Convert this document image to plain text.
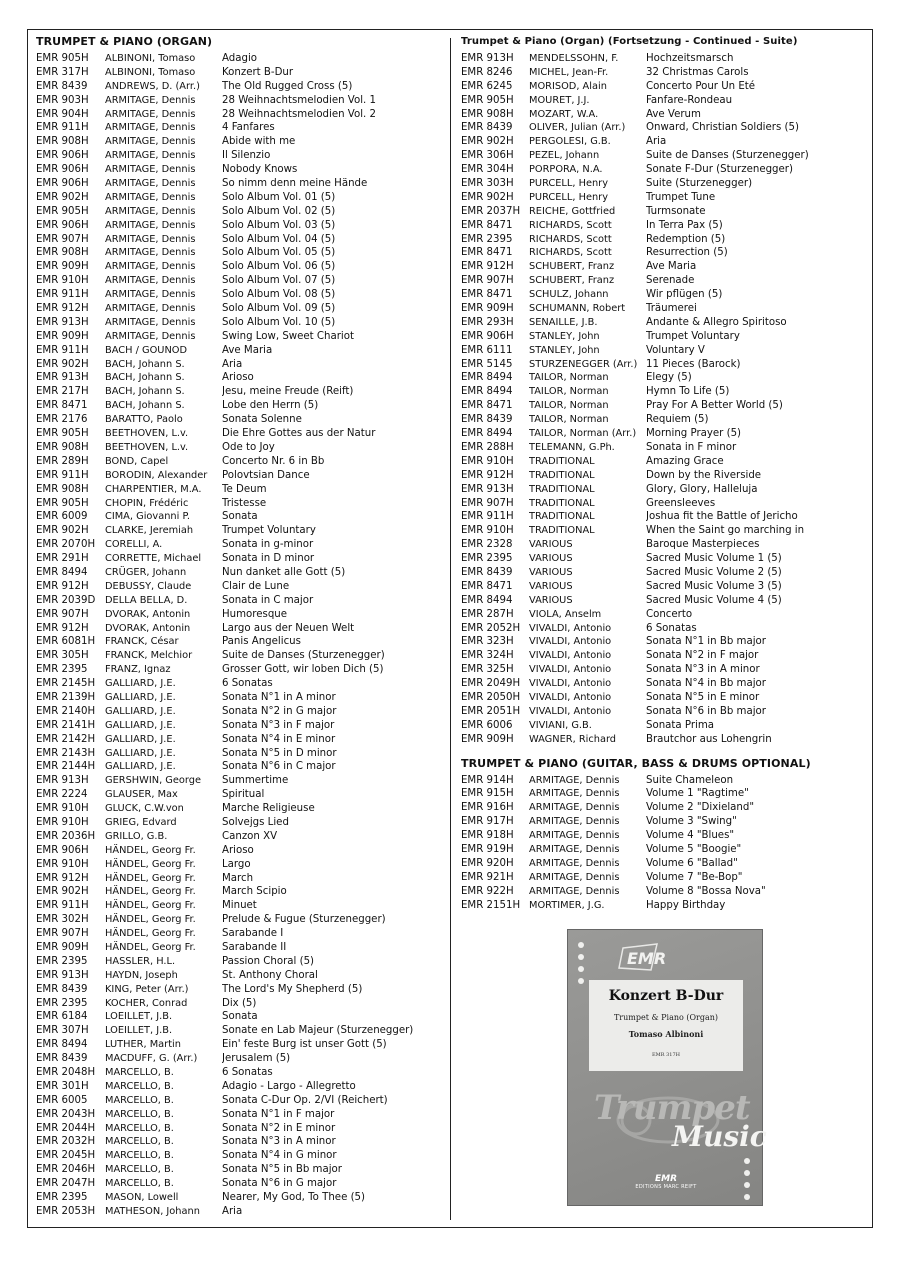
TRUMPET & PIANO (ORGAN)
EMR 905H	ALBINONI, Tomaso	Adagio
EMR 317H	ALBINONI, Tomaso	Konzert B-Dur
EMR 8439	ANDREWS, D. (Arr.)	The Old Rugged Cross (5)
EMR 903H	ARMITAGE, Dennis	28 Weihnachtsmelodien Vol. 1
EMR 904H	ARMITAGE, Dennis	28 Weihnachtsmelodien Vol. 2
EMR 911H	ARMITAGE, Dennis	4 Fanfares
EMR 908H	ARMITAGE, Dennis	Abide with me
EMR 906H	ARMITAGE, Dennis	Il Silenzio
EMR 906H	ARMITAGE, Dennis	Nobody Knows
EMR 906H	ARMITAGE, Dennis	So nimm denn meine Hände
EMR 902H	ARMITAGE, Dennis	Solo Album Vol. 01 (5)
EMR 905H	ARMITAGE, Dennis	Solo Album Vol. 02 (5)
EMR 906H	ARMITAGE, Dennis	Solo Album Vol. 03 (5)
EMR 907H	ARMITAGE, Dennis	Solo Album Vol. 04 (5)
EMR 908H	ARMITAGE, Dennis	Solo Album Vol. 05 (5)
EMR 909H	ARMITAGE, Dennis	Solo Album Vol. 06 (5)
EMR 910H	ARMITAGE, Dennis	Solo Album Vol. 07 (5)
EMR 911H	ARMITAGE, Dennis	Solo Album Vol. 08 (5)
EMR 912H	ARMITAGE, Dennis	Solo Album Vol. 09 (5)
EMR 913H	ARMITAGE, Dennis	Solo Album Vol. 10 (5)
EMR 909H	ARMITAGE, Dennis	Swing Low, Sweet Chariot
EMR 911H	BACH / GOUNOD	Ave Maria
EMR 902H	BACH, Johann S.	Aria
EMR 913H	BACH, Johann S.	Arioso
EMR 217H	BACH, Johann S.	Jesu, meine Freude (Reift)
EMR 8471	BACH, Johann S.	Lobe den Herrn (5)
EMR 2176	BARATTO, Paolo	Sonata Solenne
EMR 905H	BEETHOVEN, L.v.	Die Ehre Gottes aus der Natur
EMR 908H	BEETHOVEN, L.v.	Ode to Joy
EMR 289H	BOND, Capel	Concerto Nr. 6 in Bb
EMR 911H	BORODIN, Alexander	Polovtsian Dance
EMR 908H	CHARPENTIER, M.A.	Te Deum
EMR 905H	CHOPIN, Frédéric	Tristesse
EMR 6009	CIMA, Giovanni P.	Sonata
EMR 902H	CLARKE, Jeremiah	Trumpet Voluntary
EMR 2070H	CORELLI, A.	Sonata in g-minor
EMR 291H	CORRETTE, Michael	Sonata in D minor
EMR 8494	CRÜGER, Johann	Nun danket alle Gott (5)
EMR 912H	DEBUSSY, Claude	Clair de Lune
EMR 2039D DELLA BELLA, D.	Sonata in C major
EMR 907H	DVORAK, Antonin	Humoresque
EMR 912H	DVORAK, Antonin	Largo aus der Neuen Welt
EMR 6081H	FRANCK, César	Panis Angelicus
EMR 305H	FRANCK, Melchior	Suite de Danses (Sturzenegger)
EMR 2395	FRANZ, Ignaz	Grosser Gott, wir loben Dich (5)
EMR 2145H	GALLIARD, J.E.	6 Sonatas
EMR 2139H	GALLIARD, J.E.	Sonata N°1 in A minor
EMR 2140H	GALLIARD, J.E.	Sonata N°2 in G major
EMR 2141H	GALLIARD, J.E.	Sonata N°3 in F major
EMR 2142H	GALLIARD, J.E.	Sonata N°4 in E minor
EMR 2143H	GALLIARD, J.E.	Sonata N°5 in D minor
EMR 2144H	GALLIARD, J.E.	Sonata N°6 in C major
EMR 913H	GERSHWIN, George	Summertime
EMR 2224	GLAUSER, Max	Spiritual
EMR 910H	GLUCK, C.W.von	Marche Religieuse
EMR 910H	GRIEG, Edvard	Solvejgs Lied
EMR 2036H	GRILLO, G.B.	Canzon XV
EMR 906H	HÄNDEL, Georg Fr.	Arioso
EMR 910H	HÄNDEL, Georg Fr.	Largo
EMR 912H	HÄNDEL, Georg Fr.	March
EMR 902H	HÄNDEL, Georg Fr.	March Scipio
EMR 911H	HÄNDEL, Georg Fr.	Minuet
EMR 302H	HÄNDEL, Georg Fr.	Prelude & Fugue (Sturzenegger)
EMR 907H	HÄNDEL, Georg Fr.	Sarabande I
EMR 909H	HÄNDEL, Georg Fr.	Sarabande II
EMR 2395	HASSLER, H.L.	Passion Choral (5)
EMR 913H	HAYDN, Joseph	St. Anthony Choral
EMR 8439	KING, Peter (Arr.)	The Lord's My Shepherd (5)
EMR 2395	KOCHER, Conrad	Dix (5)
EMR 6184	LOEILLET, J.B.	Sonata
EMR 307H	LOEILLET, J.B.	Sonate en Lab Majeur (Sturzenegger)
EMR 8494	LUTHER, Martin	Ein' feste Burg ist unser Gott (5)
EMR 8439	MACDUFF, G. (Arr.)	Jerusalem (5)
EMR 2048H	MARCELLO, B.	6 Sonatas
EMR 301H	MARCELLO, B.	Adagio - Largo - Allegretto
EMR 6005	MARCELLO, B.	Sonata C-Dur Op. 2/VI (Reichert)
EMR 2043H	MARCELLO, B.	Sonata N°1 in F major
EMR 2044H	MARCELLO, B.	Sonata N°2 in E minor
EMR 2032H	MARCELLO, B.	Sonata N°3 in A minor
EMR 2045H	MARCELLO, B.	Sonata N°4 in G minor
EMR 2046H	MARCELLO, B.	Sonata N°5 in Bb major
EMR 2047H	MARCELLO, B.	Sonata N°6 in G major
EMR 2395	MASON, Lowell	Nearer, My God, To Thee (5)
EMR 2053H	MATHESON, Johann	Aria
Trumpet & Piano (Organ) (Fortsetzung - Continued - Suite)
EMR 913H	MENDELSSOHN, F.	Hochzeitsmarsch
EMR 8246	MICHEL, Jean-Fr.	32 Christmas Carols
EMR 6245	MORISOD, Alain	Concerto Pour Un Eté
EMR 905H	MOURET, J.J.	Fanfare-Rondeau
EMR 908H	MOZART, W.A.	Ave Verum
EMR 8439	OLIVER, Julian (Arr.)	Onward, Christian Soldiers (5)
EMR 902H	PERGOLESI, G.B.	Aria
EMR 306H	PEZEL, Johann	Suite de Danses (Sturzenegger)
EMR 304H	PORPORA, N.A.	Sonate F-Dur (Sturzenegger)
EMR 303H	PURCELL, Henry	Suite (Sturzenegger)
EMR 902H	PURCELL, Henry	Trumpet Tune
EMR 2037H REICHE, Gottfried	Turmsonate
EMR 8471	RICHARDS, Scott	In Terra Pax (5)
EMR 2395	RICHARDS, Scott	Redemption (5)
EMR 8471	RICHARDS, Scott	Resurrection (5)
EMR 912H	SCHUBERT, Franz	Ave Maria
EMR 907H	SCHUBERT, Franz	Serenade
EMR 8471	SCHULZ, Johann	Wir pflügen (5)
EMR 909H	SCHUMANN, Robert	Träumerei
EMR 293H	SENAILLE, J.B.	Andante & Allegro Spiritoso
EMR 906H	STANLEY, John	Trumpet Voluntary
EMR 6111	STANLEY, John	Voluntary V
EMR 5145	STURZENEGGER (Arr.) 11 Pieces (Barock)
EMR 8494	TAILOR, Norman	Elegy (5)
EMR 8494	TAILOR, Norman	Hymn To Life (5)
EMR 8471	TAILOR, Norman	Pray For A Better World (5)
EMR 8439	TAILOR, Norman	Requiem (5)
EMR 8494	TAILOR, Norman (Arr.) Morning Prayer (5)
EMR 288H	TELEMANN, G.Ph.	Sonata in F minor
EMR 910H	TRADITIONAL	Amazing Grace
EMR 912H	TRADITIONAL	Down by the Riverside
EMR 913H	TRADITIONAL	Glory, Glory, Halleluja
EMR 907H	TRADITIONAL	Greensleeves
EMR 911H	TRADITIONAL	Joshua fit the Battle of Jericho
EMR 910H	TRADITIONAL	When the Saint go marching in
EMR 2328	VARIOUS	Baroque Masterpieces
EMR 2395	VARIOUS	Sacred Music Volume 1 (5)
EMR 8439	VARIOUS	Sacred Music Volume 2 (5)
EMR 8471	VARIOUS	Sacred Music Volume 3 (5)
EMR 8494	VARIOUS	Sacred Music Volume 4 (5)
EMR 287H	VIOLA, Anselm	Concerto
EMR 2052H VIVALDI, Antonio	6 Sonatas
EMR 323H	VIVALDI, Antonio	Sonata N°1 in Bb major
EMR 324H	VIVALDI, Antonio	Sonata N°2 in F major
EMR 325H	VIVALDI, Antonio	Sonata N°3 in A minor
EMR 2049H VIVALDI, Antonio	Sonata N°4 in Bb major
EMR 2050H VIVALDI, Antonio	Sonata N°5 in E minor
EMR 2051H VIVALDI, Antonio	Sonata N°6 in Bb major
EMR 6006	VIVIANI, G.B.	Sonata Prima
EMR 909H	WAGNER, Richard	Brautchor aus Lohengrin
TRUMPET & PIANO (GUITAR, BASS & DRUMS OPTIONAL)
EMR 914H	ARMITAGE, Dennis	Suite Chameleon
EMR 915H	ARMITAGE, Dennis	Volume 1 "Ragtime"
EMR 916H	ARMITAGE, Dennis	Volume 2 "Dixieland"
EMR 917H	ARMITAGE, Dennis	Volume 3 "Swing"
EMR 918H	ARMITAGE, Dennis	Volume 4 "Blues"
EMR 919H	ARMITAGE, Dennis	Volume 5 "Boogie"
EMR 920H	ARMITAGE, Dennis	Volume 6 "Ballad"
EMR 921H	ARMITAGE, Dennis	Volume 7 "Be-Bop"
EMR 922H	ARMITAGE, Dennis	Volume 8 "Bossa Nova"
EMR 2151H MORTIMER, J.G.	Happy Birthday
EMR
Konzert B-Dur
Trumpet & Piano (Organ)
Tomaso Albinoni
EMR 317H
Trumpet
Music
EMR
EDITIONS MARC REIFT
